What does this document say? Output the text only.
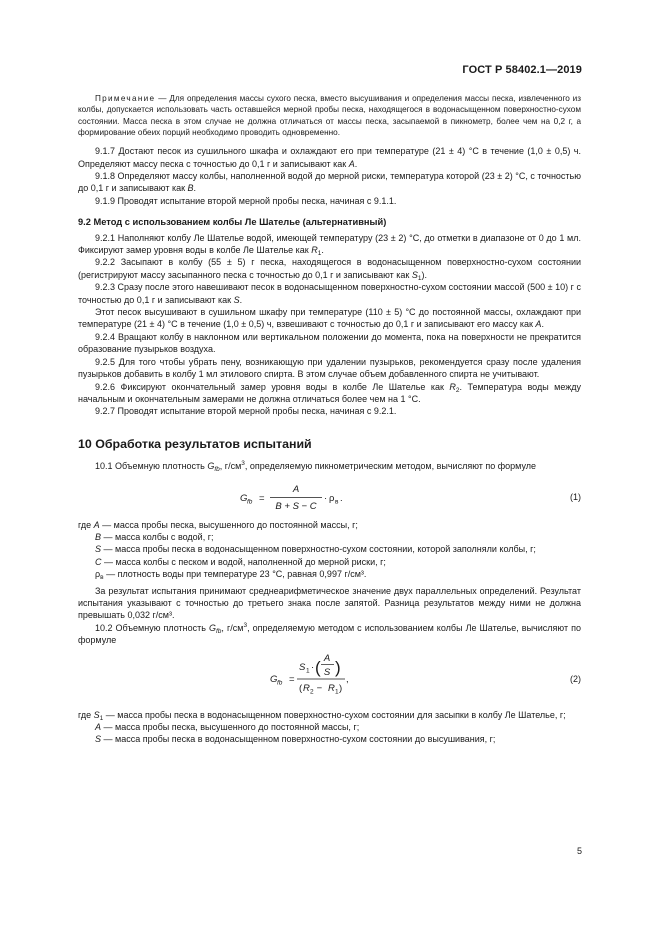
ГОСТ Р 58402.1—2019

Примечание — Для определения массы сухого песка, вместо высушивания и определения массы песка, извлеченного из колбы, допускается использовать часть оставшейся мерной пробы песка, находящегося в водонасыщенном поверхностно-сухом состоянии. Масса песка в этом случае не должна отличаться от массы песка, засыпаемой в пикнометр, более чем на 0,2 г, а формирование обеих порций необходимо проводить одновременно.

9.1.7 Достают песок из сушильного шкафа и охлаждают его при температуре (21 ± 4) °С в течение (1,0 ± 0,5) ч. Определяют массу песка с точностью до 0,1 г и записывают как A.

9.1.8 Определяют массу колбы, наполненной водой до мерной риски, температура которой (23 ± 2) °С, с точностью до 0,1 г и записывают как B.

9.1.9 Проводят испытание второй мерной пробы песка, начиная с 9.1.1.

9.2 Метод с использованием колбы Ле Шателье (альтернативный)

9.2.1 Наполняют колбу Ле Шателье водой, имеющей температуру (23 ± 2) °С, до отметки в диапазоне от 0 до 1 мл. Фиксируют замер уровня воды в колбе Ле Шателье как $R_1$.

9.2.2 Засыпают в колбу (55 ± 5) г песка, находящегося в водонасыщенном поверхностно-сухом состоянии (регистрируют массу засыпанного песка с точностью до 0,1 г и записывают как $S_1$).

9.2.3 Сразу после этого навешивают песок в водонасыщенном поверхностно-сухом состоянии массой (500 ± 10) г с точностью до 0,1 г и записывают как S.

Этот песок высушивают в сушильном шкафу при температуре (110 ± 5) °С до постоянной массы, охлаждают при температуре (21 ± 4) °С в течение (1,0 ± 0,5) ч, взвешивают с точностью до 0,1 г и записывают его массу как A.

9.2.4 Вращают колбу в наклонном или вертикальном положении до момента, пока на поверхности не прекратится образование пузырьков воздуха.

9.2.5 Для того чтобы убрать пену, возникающую при удалении пузырьков, рекомендуется сразу после удаления пузырьков добавить в колбу 1 мл этилового спирта. В этом случае объем добавленного спирта не учитывают.

9.2.6 Фиксируют окончательный замер уровня воды в колбе Ле Шателье как $R_2$. Температура воды между начальным и окончательным замерами не должна отличаться более чем на 1 °С.

9.2.7 Проводят испытание второй мерной пробы песка, начиная с 9.2.1.

10 Обработка результатов испытаний

10.1 Объемную плотность $G_{fb}$, $г/см^3$, определяемую пикнометрическим методом, вычисляют по формуле

G fb =
A
B + S − C
· ρ в .	(1)
где A — масса пробы песка, высушенного до постоянной массы, г;
B — масса колбы с водой, г;
S — масса пробы песка в водонасыщенном поверхностно-сухом состоянии, которой заполняли колбы, г;
C — масса колбы с песком и водой, наполненной до мерной риски, г;
$\rho_в$ — плотность воды при температуре 23 °С, равная 0,997 г/см³.

За результат испытания принимают среднеарифметическое значение двух параллельных определений. Результат испытания указывают с точностью до третьего знака после запятой. Разница результатов между ними не должна превышать 0,032 г/см³.

10.2 Объемную плотность $G_{fb}$, $г/см^3$, определяемую методом с использованием колбы Ле Шателье, вычисляют по формуле

G fb =
S 1 · ( A
S )
( R 2 − R 1 )
,	(2)
где $S_1$ — масса пробы песка в водонасыщенном поверхностно-сухом состоянии для засыпки в колбу Ле Шателье, г;
A — масса пробы песка, высушенного до постоянной массы, г;
S — масса пробы песка в водонасыщенном поверхностно-сухом состоянии до высушивания, г;
5
